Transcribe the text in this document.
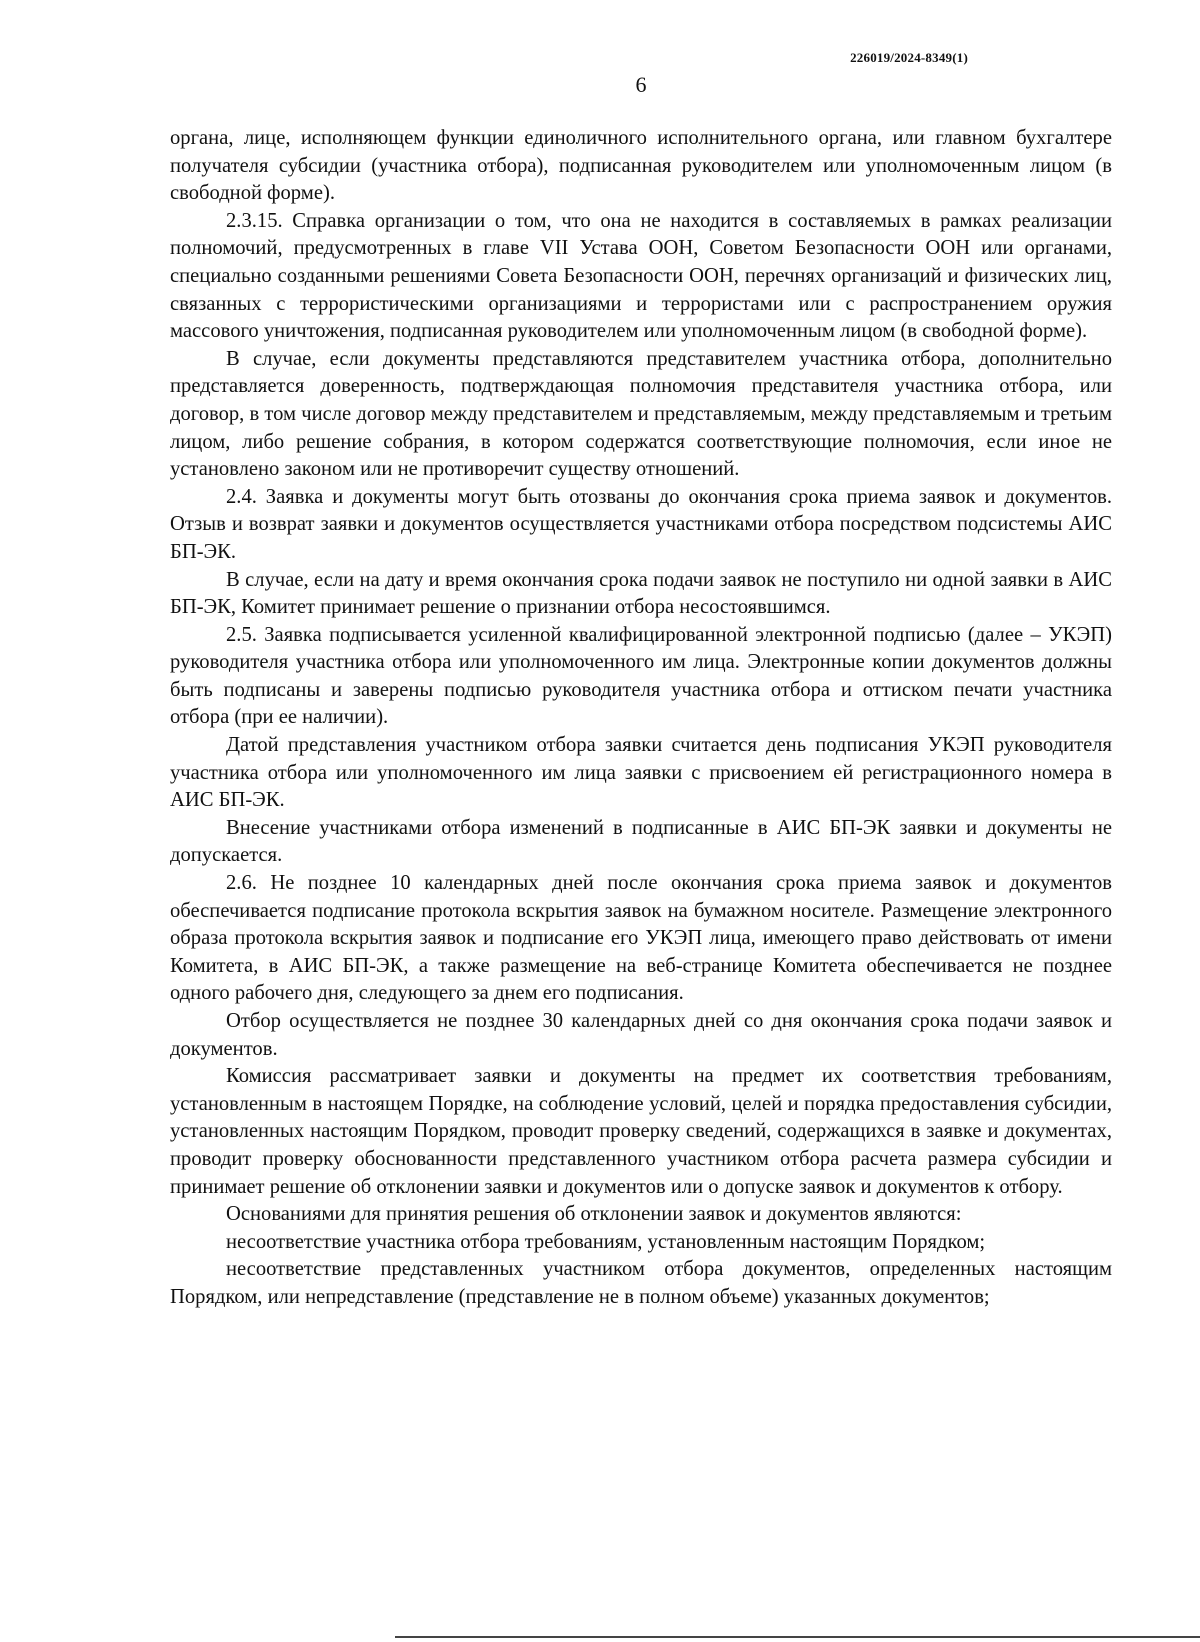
226019/2024-8349(1)
6

органа, лице, исполняющем функции единоличного исполнительного органа, или главном бухгалтере получателя субсидии (участника отбора), подписанная руководителем или уполномоченным лицом (в свободной форме).

2.3.15. Справка организации о том, что она не находится в составляемых в рамках реализации полномочий, предусмотренных в главе VII Устава ООН, Советом Безопасности ООН или органами, специально созданными решениями Совета Безопасности ООН, перечнях организаций и физических лиц, связанных с террористическими организациями и террористами или с распространением оружия массового уничтожения, подписанная руководителем или уполномоченным лицом (в свободной форме).

В случае, если документы представляются представителем участника отбора, дополнительно представляется доверенность, подтверждающая полномочия представителя участника отбора, или договор, в том числе договор между представителем и представляемым, между представляемым и третьим лицом, либо решение собрания, в котором содержатся соответствующие полномочия, если иное не установлено законом или не противоречит существу отношений.

2.4. Заявка и документы могут быть отозваны до окончания срока приема заявок и документов. Отзыв и возврат заявки и документов осуществляется участниками отбора посредством подсистемы АИС БП-ЭК.

В случае, если на дату и время окончания срока подачи заявок не поступило ни одной заявки в АИС БП-ЭК, Комитет принимает решение о признании отбора несостоявшимся.

2.5. Заявка подписывается усиленной квалифицированной электронной подписью (далее – УКЭП) руководителя участника отбора или уполномоченного им лица. Электронные копии документов должны быть подписаны и заверены подписью руководителя участника отбора и оттиском печати участника отбора (при ее наличии).

Датой представления участником отбора заявки считается день подписания УКЭП руководителя участника отбора или уполномоченного им лица заявки с присвоением ей регистрационного номера в АИС БП-ЭК.

Внесение участниками отбора изменений в подписанные в АИС БП-ЭК заявки и документы не допускается.

2.6. Не позднее 10 календарных дней после окончания срока приема заявок и документов обеспечивается подписание протокола вскрытия заявок на бумажном носителе. Размещение электронного образа протокола вскрытия заявок и подписание его УКЭП лица, имеющего право действовать от имени Комитета, в АИС БП-ЭК, а также размещение на веб-странице Комитета обеспечивается не позднее одного рабочего дня, следующего за днем его подписания.

Отбор осуществляется не позднее 30 календарных дней со дня окончания срока подачи заявок и документов.

Комиссия рассматривает заявки и документы на предмет их соответствия требованиям, установленным в настоящем Порядке, на соблюдение условий, целей и порядка предоставления субсидии, установленных настоящим Порядком, проводит проверку сведений, содержащихся в заявке и документах, проводит проверку обоснованности представленного участником отбора расчета размера субсидии и принимает решение об отклонении заявки и документов или о допуске заявок и документов к отбору.

Основаниями для принятия решения об отклонении заявок и документов являются:

несоответствие участника отбора требованиям, установленным настоящим Порядком;

несоответствие представленных участником отбора документов, определенных настоящим Порядком, или непредставление (представление не в полном объеме) указанных документов;
